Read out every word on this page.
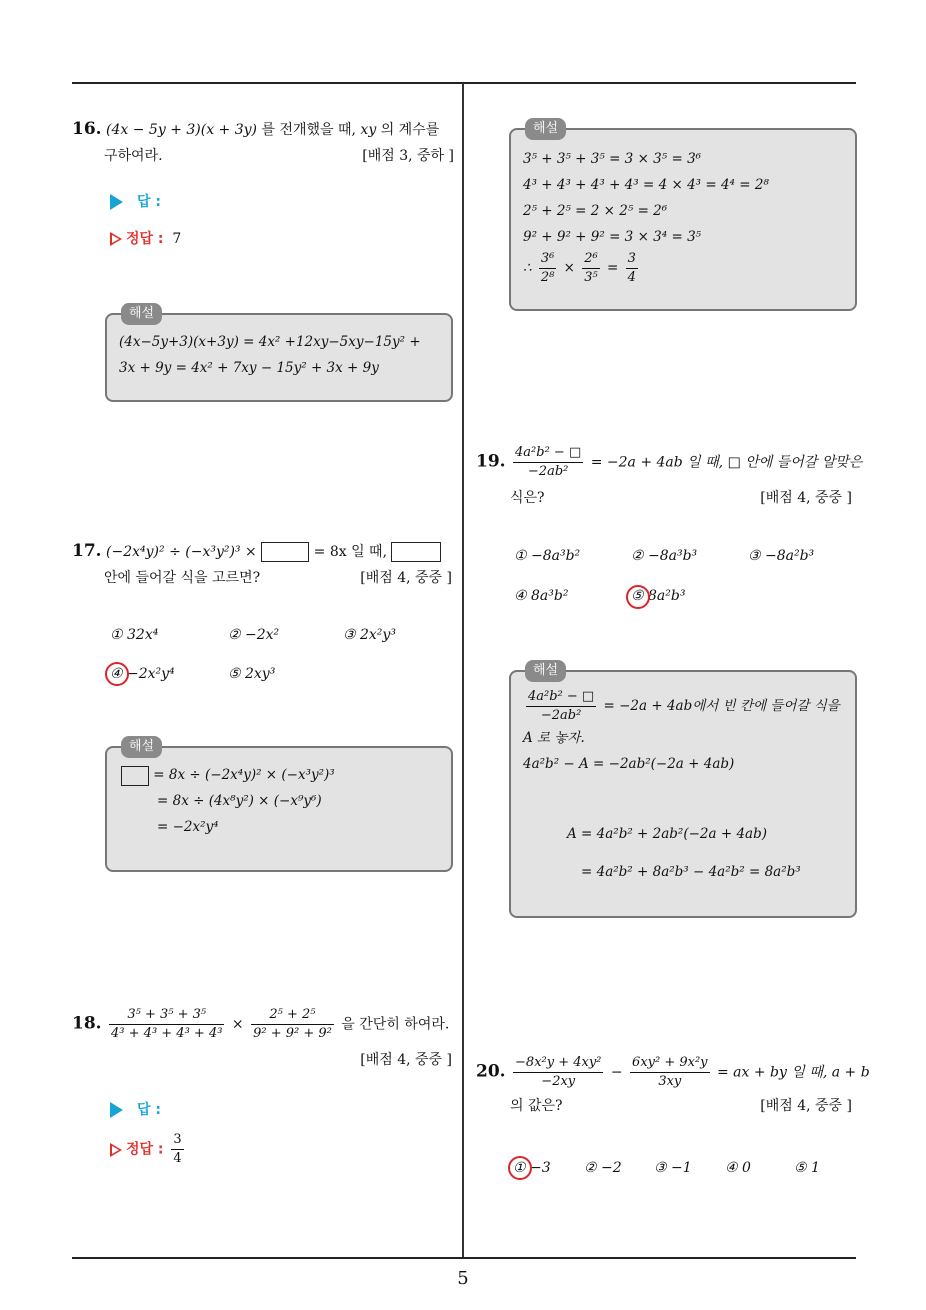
5
16. (4x − 5y + 3)(x + 3y) 를 전개했을 때, xy 의 계수를
구하여라.	[배점 3, 중하 ]
답 :
정답 : 7
해설
(4x−5y+3)(x+3y) = 4x² +12xy−5xy−15y² +
3x + 9y = 4x² + 7xy − 15y² + 3x + 9y
17. (−2x⁴y)² ÷ (−x³y²)³ ×	= 8x 일 때,
안에 들어갈 식을 고르면?	[배점 4, 중중 ]
① 32x⁴	② −2x²	③ 2x²y³
④ −2x²y⁴	⑤ 2xy³
해설
= 8x ÷ (−2x⁴y)² × (−x³y²)³
= 8x ÷ (4x⁸y²) × (−x⁹y⁶)
= −2x²y⁴
18. $\frac{\text{3⁵ + 3⁵ + 3⁵}}{\text{4³ + 4³ + 4³ + 4³}} \times \frac{\text{2⁵ + 2⁵}}{\text{9² + 9² + 9²}}$ 을 간단히 하여라.
[배점 4, 중중 ]
답 :
정답 : $\frac{3}{4}$
해설
3⁵ + 3⁵ + 3⁵ = 3 × 3⁵ = 3⁶
4³ + 4³ + 4³ + 4³ = 4 × 4³ = 4⁴ = 2⁸
2⁵ + 2⁵ = 2 × 2⁵ = 2⁶
9² + 9² + 9² = 3 × 3⁴ = 3⁵
∴ $\frac{\text{3⁶}}{\text{2⁸}} \times \frac{\text{2⁶}}{\text{3⁵}} = \frac{3}{4}$
19. $\frac{\text{4a²b² − □}}{\text{−2ab²}} = -2a + 4ab$ 일 때, □ 안에 들어갈 알맞은
식은?	[배점 4, 중중 ]
① −8a³b²	② −8a³b³	③ −8a²b³
④ 8a³b²	⑤ 8a²b³
해설
$\frac{\text{4a²b² − □}}{\text{−2ab²}} = -2a + 4ab$에서 빈 칸에 들어갈 식을
A 로 놓자.
4a²b² − A = −2ab²(−2a + 4ab)
A = 4a²b² + 2ab²(−2a + 4ab)
= 4a²b² + 8a²b³ − 4a²b² = 8a²b³
20. $\frac{\text{−8x²y + 4xy²}}{-2xy} - \frac{\text{6xy² + 9x²y}}{3xy}$ = ax + by 일 때, a + b
의 값은?	[배점 4, 중중 ]
① −3 ② −2 ③ −1 ④ 0	⑤ 1
